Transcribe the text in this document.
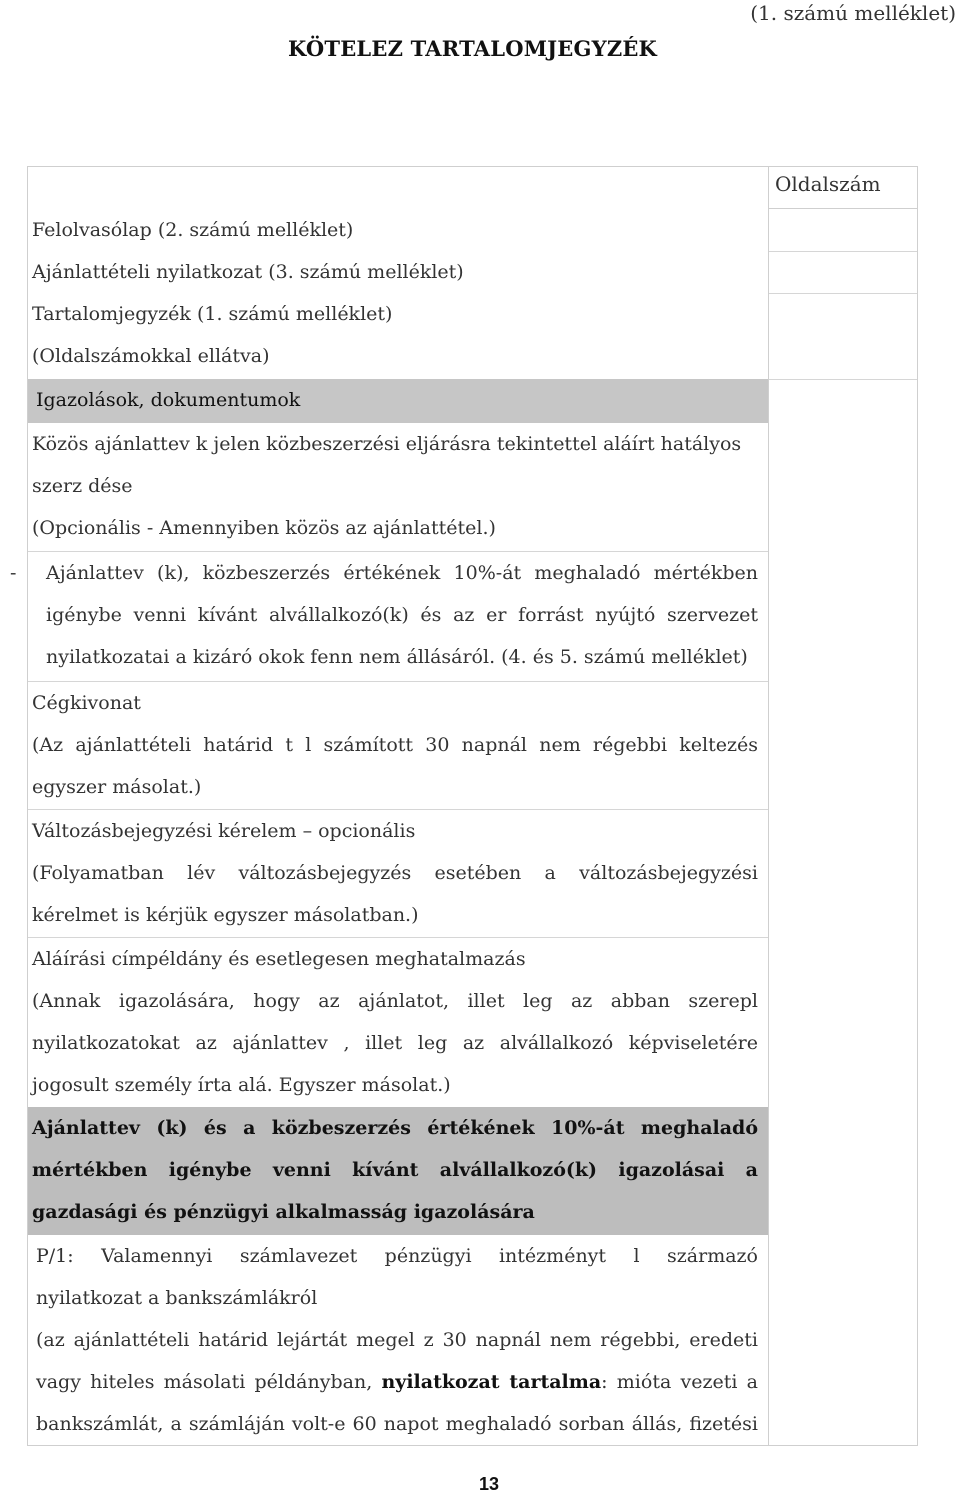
(1. számú melléklet)
KÖTELEZ TARTALOMJEGYZÉK
Felolvasólap (2. számú melléklet)
Ajánlattételi nyilatkozat (3. számú melléklet)
Tartalomjegyzék (1. számú melléklet)
(Oldalszámokkal ellátva)
Igazolások, dokumentumok
Közös ajánlattev k jelen közbeszerzési eljárásra tekintettel aláírt hatályos
szerz dése
(Opcionális - Amennyiben közös az ajánlattétel.)
- Ajánlattev (k), közbeszerzés értékének 10%-át meghaladó mértékben
igénybe venni kívánt alvállalkozó(k) és az er forrást nyújtó szervezet
nyilatkozatai a kizáró okok fenn nem állásáról. (4. és 5. számú melléklet)
Cégkivonat
(Az ajánlattételi határid t l számított 30 napnál nem régebbi keltezés
egyszer másolat.)
Változásbejegyzési kérelem – opcionális
(Folyamatban lév változásbejegyzés esetében a változásbejegyzési
kérelmet is kérjük egyszer másolatban.)
Aláírási címpéldány és esetlegesen meghatalmazás
(Annak igazolására, hogy az ajánlatot, illet leg az abban szerepl
nyilatkozatokat az ajánlattev , illet leg az alvállalkozó képviseletére
jogosult személy írta alá. Egyszer másolat.)
Ajánlattev (k) és a közbeszerzés értékének 10%-át meghaladó
mértékben igénybe venni kívánt alvállalkozó(k) igazolásai a
gazdasági és pénzügyi alkalmasság igazolására
P/1: Valamennyi számlavezet pénzügyi intézményt l származó
nyilatkozat a bankszámlákról
(az ajánlattételi határid lejártát megel z 30 napnál nem régebbi, eredeti
vagy hiteles másolati példányban, nyilatkozat tartalma: mióta vezeti a
bankszámlát, a számláján volt-e 60 napot meghaladó sorban állás, fizetési
Oldalszám
13
